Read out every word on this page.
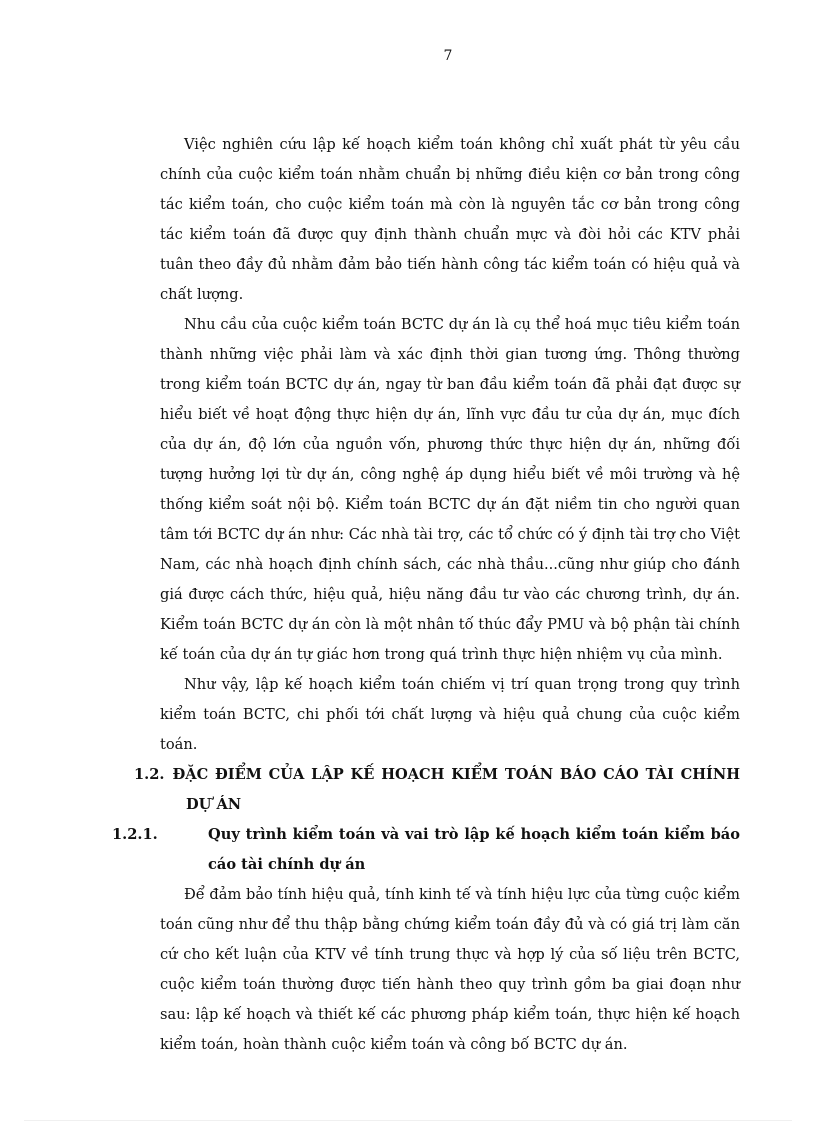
7

Việc nghiên cứu lập kế hoạch kiểm toán không chỉ xuất phát từ yêu cầu chính của cuộc kiểm toán nhằm chuẩn bị những điều kiện cơ bản trong công tác kiểm toán, cho cuộc kiểm toán mà còn là nguyên tắc cơ bản trong công tác kiểm toán đã được quy định thành chuẩn mực và đòi hỏi các KTV phải tuân theo đầy đủ nhằm đảm bảo tiến hành công tác kiểm toán có hiệu quả và chất lượng.

Nhu cầu của cuộc kiểm toán BCTC dự án là cụ thể hoá mục tiêu kiểm toán thành những việc phải làm và xác định thời gian tương ứng. Thông thường trong kiểm toán BCTC dự án, ngay từ ban đầu kiểm toán đã phải đạt được sự hiểu biết về hoạt động thực hiện dự án, lĩnh vực đầu tư của dự án, mục đích của dự án, độ lớn của nguồn vốn, phương thức thực hiện dự án, những đối tượng hưởng lợi từ dự án, công nghệ áp dụng hiểu biết về môi trường và hệ thống kiểm soát nội bộ. Kiểm toán BCTC dự án đặt niềm tin cho người quan tâm tới BCTC dự án như: Các nhà tài trợ, các tổ chức có ý định tài trợ cho Việt Nam, các nhà hoạch định chính sách, các nhà thầu...cũng như giúp cho đánh giá được cách thức, hiệu quả, hiệu năng đầu tư vào các chương trình, dự án. Kiểm toán BCTC dự án còn là một nhân tố thúc đẩy PMU và bộ phận tài chính kế toán của dự án tự giác hơn trong quá trình thực hiện nhiệm vụ của mình.

Như vậy, lập kế hoạch kiểm toán chiếm vị trí quan trọng trong quy trình kiểm toán BCTC, chi phối tới chất lượng và hiệu quả chung của cuộc kiểm toán.

1.2. ĐẶC ĐIỂM CỦA LẬP KẾ HOẠCH KIỂM TOÁN BÁO CÁO TÀI CHÍNH DỰ ÁN

1.2.1.	Quy trình kiểm toán và vai trò lập kế hoạch kiểm toán kiểm báo cáo tài chính dự án

Để đảm bảo tính hiệu quả, tính kinh tế và tính hiệu lực của từng cuộc kiểm toán cũng như để thu thập bằng chứng kiểm toán đầy đủ và có giá trị làm căn cứ cho kết luận của KTV về tính trung thực và hợp lý của số liệu trên BCTC, cuộc kiểm toán thường được tiến hành theo quy trình gồm ba giai đoạn như sau: lập kế hoạch và thiết kế các phương pháp kiểm toán, thực hiện kế hoạch kiểm toán, hoàn thành cuộc kiểm toán và công bố BCTC dự án.
